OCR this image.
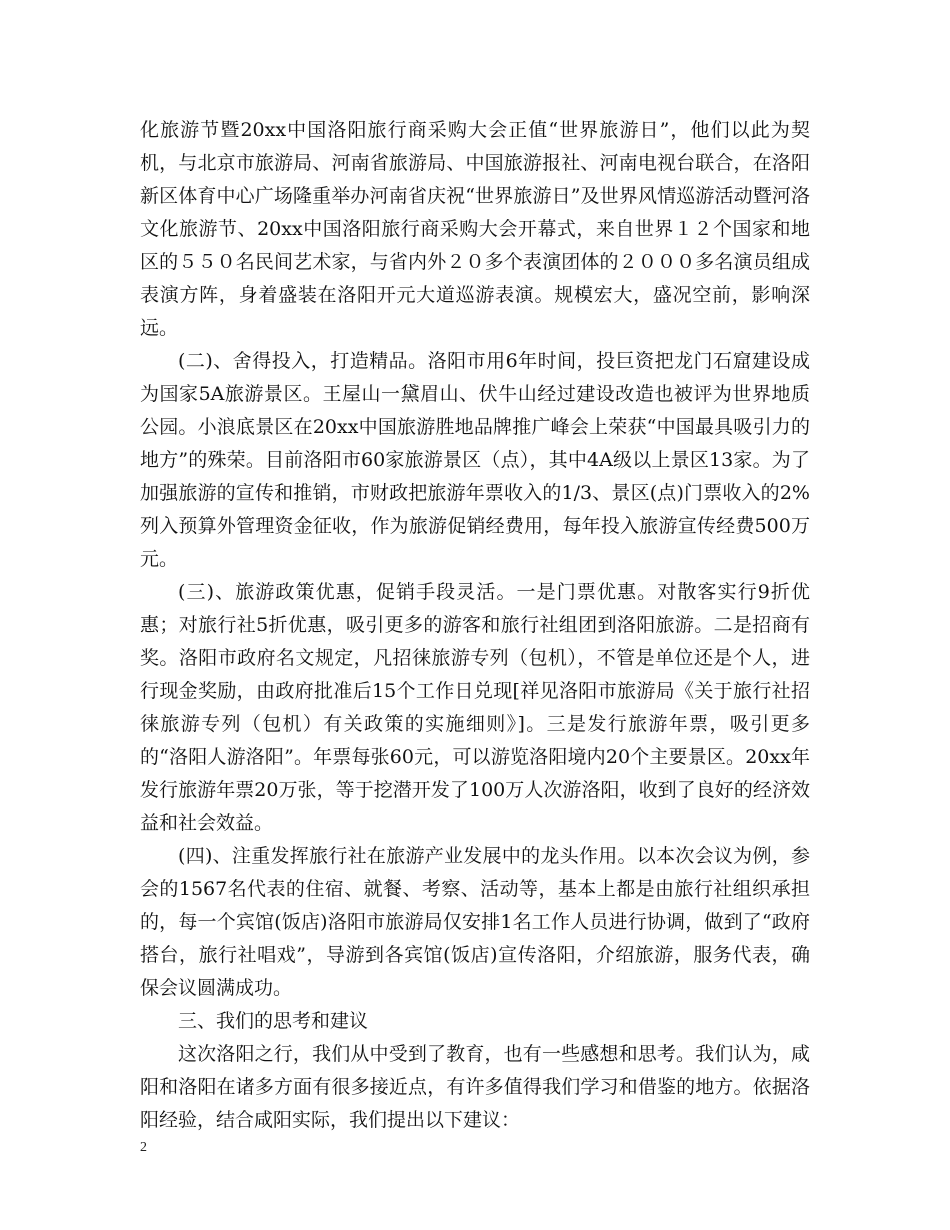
化旅游节暨20xx中国洛阳旅行商采购大会正值“世界旅游日”，他们以此为契机，与北京市旅游局、河南省旅游局、中国旅游报社、河南电视台联合，在洛阳新区体育中心广场隆重举办河南省庆祝“世界旅游日”及世界风情巡游活动暨河洛文化旅游节、20xx中国洛阳旅行商采购大会开幕式，来自世界１２个国家和地区的５５０名民间艺术家，与省内外２０多个表演团体的２０００多名演员组成表演方阵，身着盛装在洛阳开元大道巡游表演。规模宏大，盛况空前，影响深远。

(二)、舍得投入，打造精品。洛阳市用6年时间，投巨资把龙门石窟建设成为国家5A旅游景区。王屋山一黛眉山、伏牛山经过建设改造也被评为世界地质公园。小浪底景区在20xx中国旅游胜地品牌推广峰会上荣获“中国最具吸引力的地方”的殊荣。目前洛阳市60家旅游景区（点），其中4A级以上景区13家。为了加强旅游的宣传和推销，市财政把旅游年票收入的1/3、景区(点)门票收入的2%列入预算外管理资金征收，作为旅游促销经费用，每年投入旅游宣传经费500万元。

(三)、旅游政策优惠，促销手段灵活。一是门票优惠。对散客实行9折优惠；对旅行社5折优惠，吸引更多的游客和旅行社组团到洛阳旅游。二是招商有奖。洛阳市政府名文规定，凡招徕旅游专列（包机），不管是单位还是个人，进行现金奖励，由政府批准后15个工作日兑现[祥见洛阳市旅游局《关于旅行社招徕旅游专列（包机）有关政策的实施细则》]。三是发行旅游年票，吸引更多的“洛阳人游洛阳”。年票每张60元，可以游览洛阳境内20个主要景区。20xx年发行旅游年票20万张，等于挖潜开发了100万人次游洛阳，收到了良好的经济效益和社会效益。

(四)、注重发挥旅行社在旅游产业发展中的龙头作用。以本次会议为例，参会的1567名代表的住宿、就餐、考察、活动等，基本上都是由旅行社组织承担的，每一个宾馆(饭店)洛阳市旅游局仅安排1名工作人员进行协调，做到了“政府搭台，旅行社唱戏”，导游到各宾馆(饭店)宣传洛阳，介绍旅游，服务代表，确保会议圆满成功。

三、我们的思考和建议

这次洛阳之行，我们从中受到了教育，也有一些感想和思考。我们认为，咸阳和洛阳在诸多方面有很多接近点，有许多值得我们学习和借鉴的地方。依据洛阳经验，结合咸阳实际，我们提出以下建议：

2
